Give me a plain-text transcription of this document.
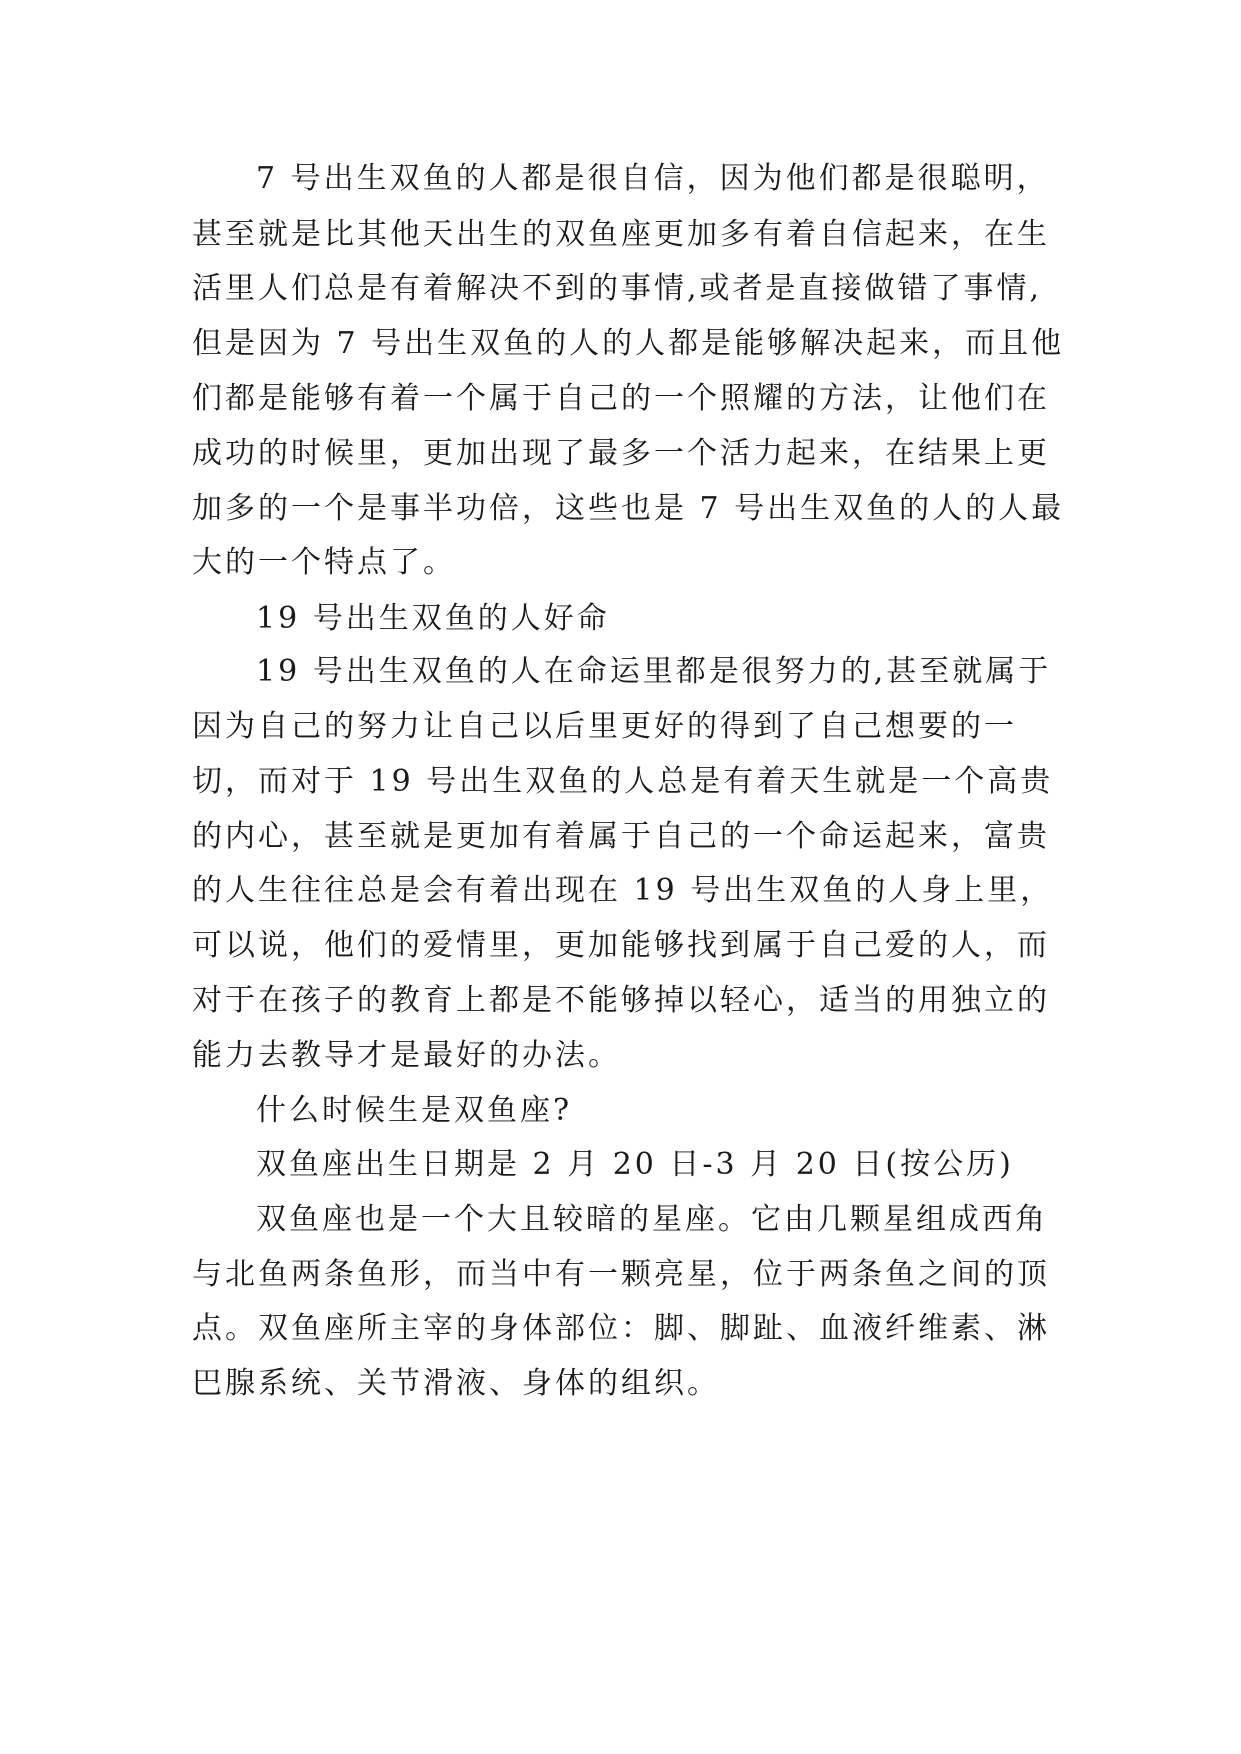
7 号出生双鱼的人都是很自信，因为他们都是很聪明，
甚至就是比其他天出生的双鱼座更加多有着自信起来，在生
活里人们总是有着解决不到的事情,或者是直接做错了事情,
但是因为 7 号出生双鱼的人的人都是能够解决起来，而且他
们都是能够有着一个属于自己的一个照耀的方法，让他们在
成功的时候里，更加出现了最多一个活力起来，在结果上更
加多的一个是事半功倍，这些也是 7 号出生双鱼的人的人最
大的一个特点了。
19 号出生双鱼的人好命
19 号出生双鱼的人在命运里都是很努力的,甚至就属于
因为自己的努力让自己以后里更好的得到了自己想要的一
切，而对于 19 号出生双鱼的人总是有着天生就是一个高贵
的内心，甚至就是更加有着属于自己的一个命运起来，富贵
的人生往往总是会有着出现在 19 号出生双鱼的人身上里，
可以说，他们的爱情里，更加能够找到属于自己爱的人，而
对于在孩子的教育上都是不能够掉以轻心，适当的用独立的
能力去教导才是最好的办法。
什么时候生是双鱼座?
双鱼座出生日期是 2 月 20 日-3 月 20 日(按公历)
双鱼座也是一个大且较暗的星座。它由几颗星组成西角
与北鱼两条鱼形，而当中有一颗亮星，位于两条鱼之间的顶
点。双鱼座所主宰的身体部位：脚、脚趾、血液纤维素、淋
巴腺系统、关节滑液、身体的组织。
